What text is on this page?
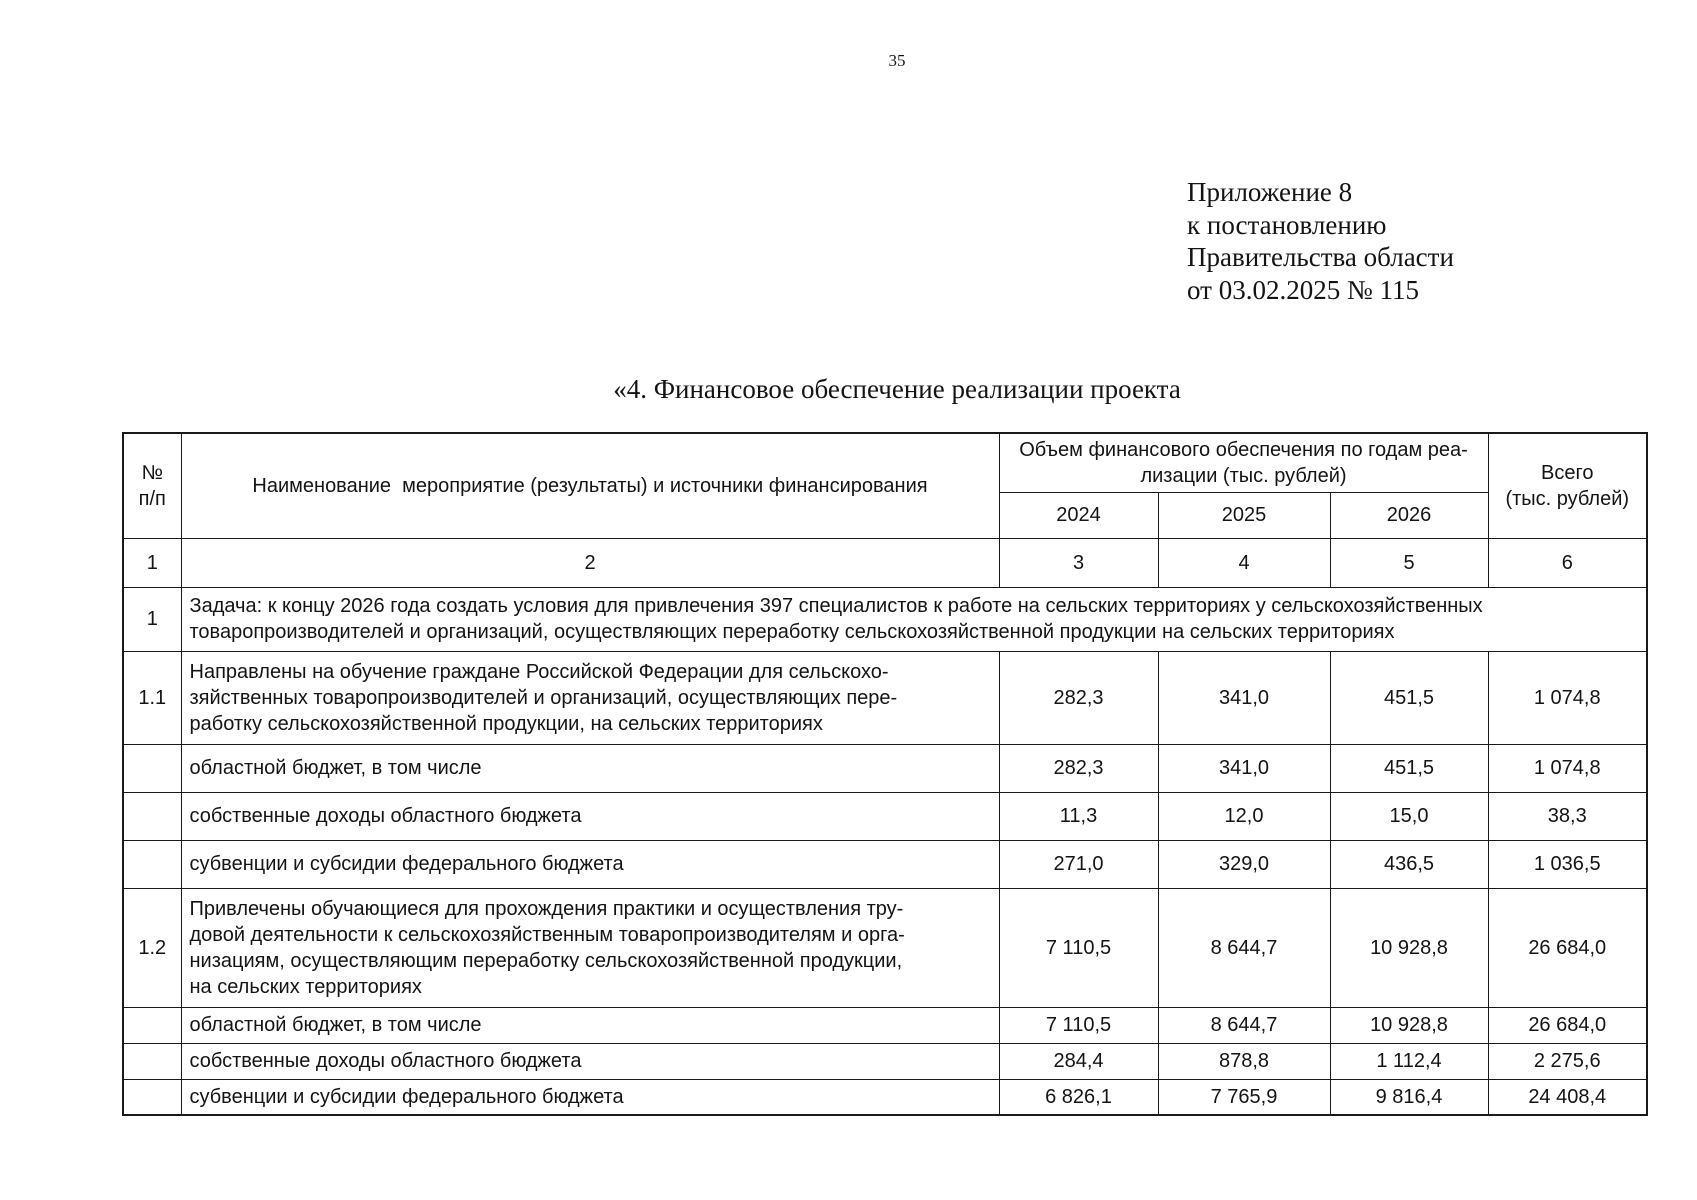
35
Приложение 8
к постановлению
Правительства области
от 03.02.2025 № 115
«4. Финансовое обеспечение реализации проекта
№
п/п	Наименование  мероприятие (результаты) и источники финансирования	Объем финансового обеспечения по годам реа-
лизации (тыс. рублей)			Всего
(тыс. рублей)
		2024	2025	2026	
1	2	3	4	5	6
1	Задача: к концу 2026 года создать условия для привлечения 397 специалистов к работе на сельских территориях у сельскохозяйственных
товаропроизводителей и организаций, осуществляющих переработку сельскохозяйственной продукции на сельских территориях				
1.1	Направлены на обучение граждане Российской Федерации для сельскохо-
зяйственных товаропроизводителей и организаций, осуществляющих пере-
работку сельскохозяйственной продукции, на сельских территориях	282,3	341,0	451,5	1 074,8
	областной бюджет, в том числе	282,3	341,0	451,5	1 074,8
	собственные доходы областного бюджета	11,3	12,0	15,0	38,3
	субвенции и субсидии федерального бюджета	271,0	329,0	436,5	1 036,5
1.2	Привлечены обучающиеся для прохождения практики и осуществления тру-
довой деятельности к сельскохозяйственным товаропроизводителям и орга-
низациям, осуществляющим переработку сельскохозяйственной продукции,
на сельских территориях	7 110,5	8 644,7	10 928,8	26 684,0
	областной бюджет, в том числе	7 110,5	8 644,7	10 928,8	26 684,0
	собственные доходы областного бюджета	284,4	878,8	1 112,4	2 275,6
	субвенции и субсидии федерального бюджета	6 826,1	7 765,9	9 816,4	24 408,4
